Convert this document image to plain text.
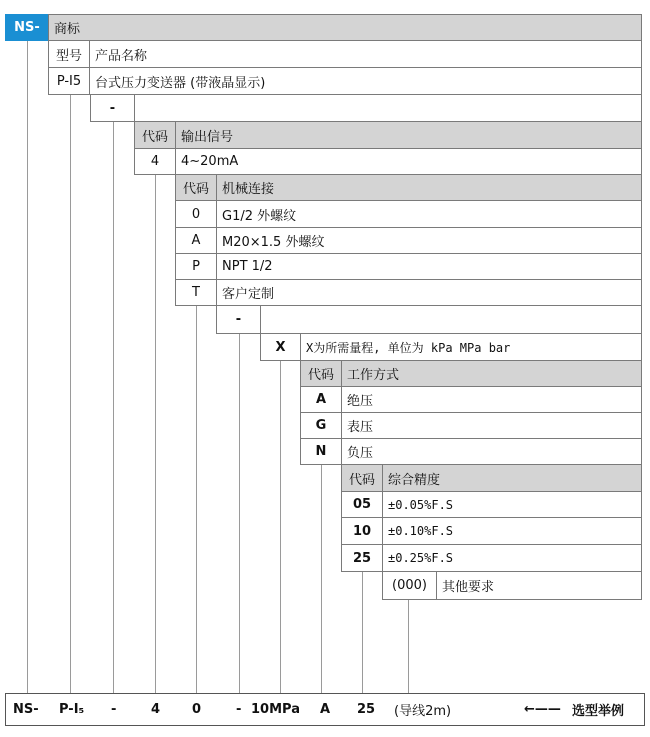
NS-	商标
型号	产品名称
P-I5	台式压力变送器 (带液晶显示)
-
代码	输出信号
4	4~20mA
代码	机械连接
0	G1/2 外螺纹
A	M20×1.5 外螺纹
P	NPT 1/2
T	客户定制
-
X	X为所需量程, 单位为 kPa MPa bar
代码	工作方式
A	绝压
G	表压
N	负压
代码	综合精度
05	±0.05%F.S
10	±0.10%F.S
25	±0.25%F.S
(000)	其他要求
NS- P-I₅ -	4 0	- 10MPa A 25 (导线2m)	←—— 选型举例
